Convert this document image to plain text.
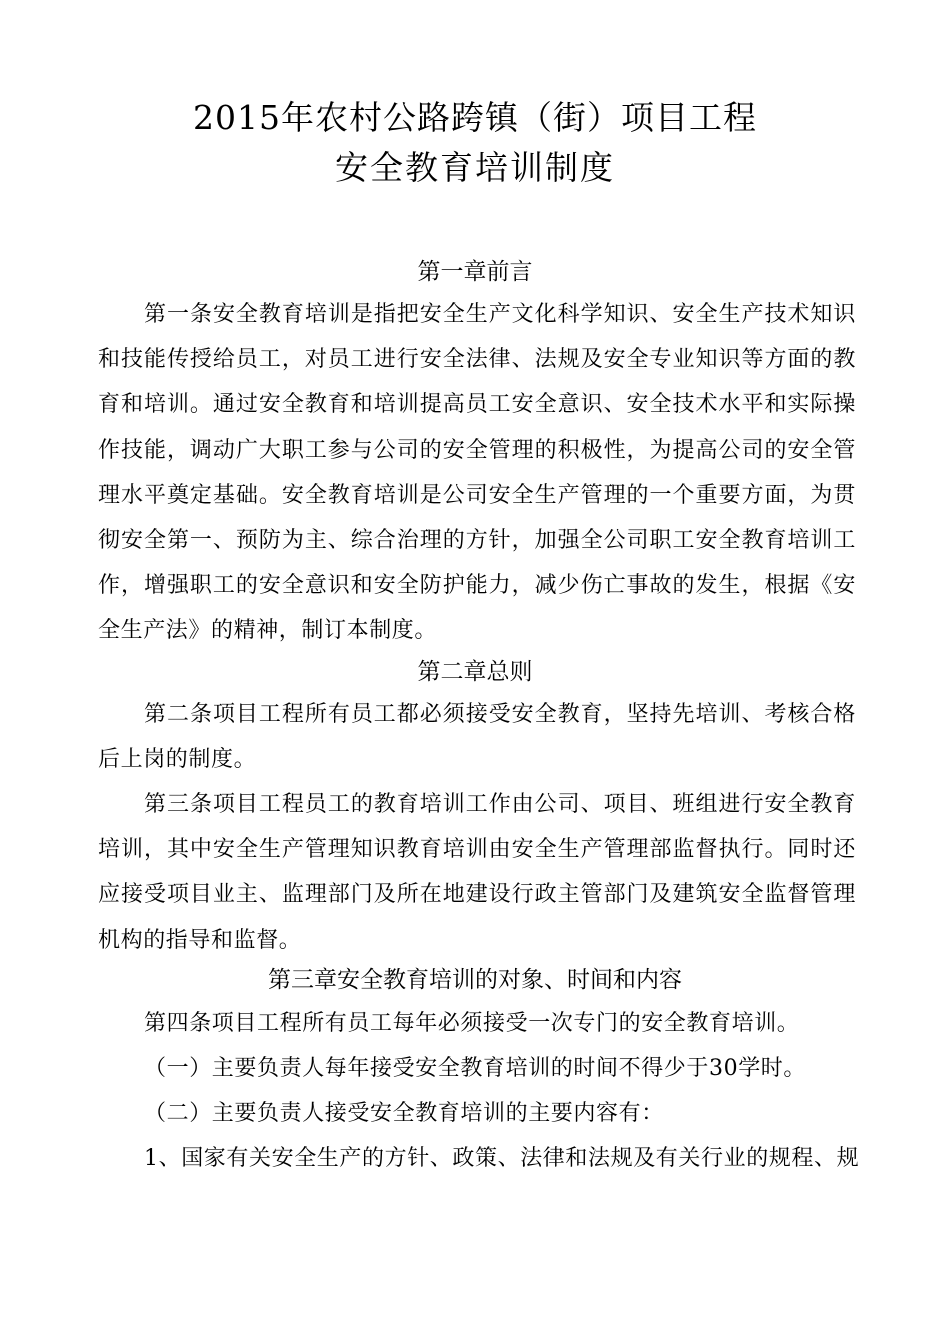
2015年农村公路跨镇（街）项目工程
安全教育培训制度
第一章前言

第一条安全教育培训是指把安全生产文化科学知识、安全生产技术知识和技能传授给员工，对员工进行安全法律、法规及安全专业知识等方面的教育和培训。通过安全教育和培训提高员工安全意识、安全技术水平和实际操作技能，调动广大职工参与公司的安全管理的积极性，为提高公司的安全管理水平奠定基础。安全教育培训是公司安全生产管理的一个重要方面，为贯彻安全第一、预防为主、综合治理的方针，加强全公司职工安全教育培训工作，增强职工的安全意识和安全防护能力，减少伤亡事故的发生，根据《安全生产法》的精神，制订本制度。

第二章总则

第二条项目工程所有员工都必须接受安全教育，坚持先培训、考核合格后上岗的制度。

第三条项目工程员工的教育培训工作由公司、项目、班组进行安全教育培训，其中安全生产管理知识教育培训由安全生产管理部监督执行。同时还应接受项目业主、监理部门及所在地建设行政主管部门及建筑安全监督管理机构的指导和监督。

第三章安全教育培训的对象、时间和内容
第四条项目工程所有员工每年必须接受一次专门的安全教育培训。
（一）主要负责人每年接受安全教育培训的时间不得少于30学时。
（二）主要负责人接受安全教育培训的主要内容有：
1、国家有关安全生产的方针、政策、法律和法规及有关行业的规程、规
